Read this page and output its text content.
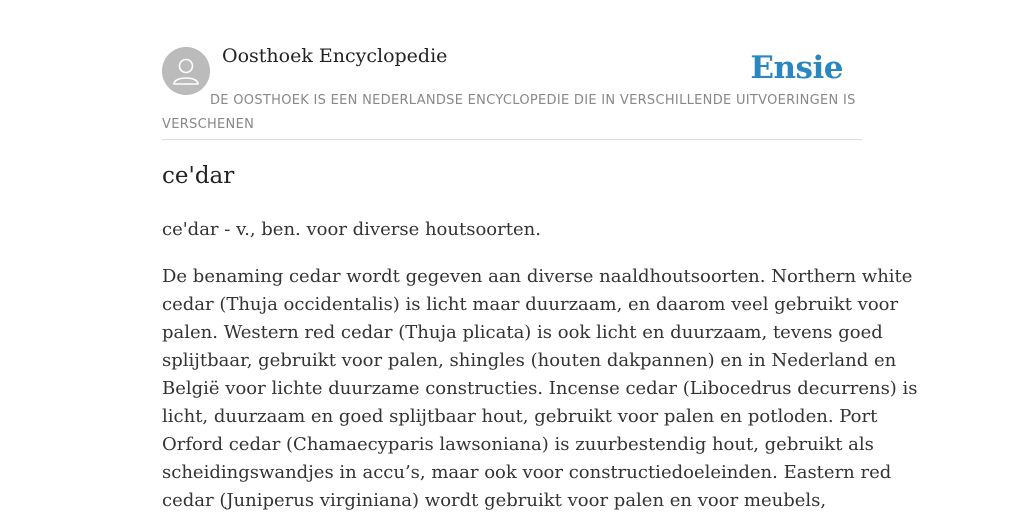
Oosthoek Encyclopedie	Ensie
DE OOSTHOEK IS EEN NEDERLANDSE ENCYCLOPEDIE DIE IN VERSCHILLENDE UITVOERINGEN IS VERSCHENEN
ce'dar

ce'dar - v., ben. voor diverse houtsoorten.

De benaming cedar wordt gegeven aan diverse naaldhoutsoorten. Northern white
cedar (Thuja occidentalis) is licht maar duurzaam, en daarom veel gebruikt voor
palen. Western red cedar (Thuja plicata) is ook licht en duurzaam, tevens goed
splijtbaar, gebruikt voor palen, shingles (houten dakpannen) en in Nederland en
België voor lichte duurzame constructies. Incense cedar (Libocedrus decurrens) is
licht, duurzaam en goed splijtbaar hout, gebruikt voor palen en potloden. Port
Orford cedar (Chamaecyparis lawsoniana) is zuurbestendig hout, gebruikt als
scheidingswandjes in accu’s, maar ook voor constructiedoeleinden. Eastern red
cedar (Juniperus virginiana) wordt gebruikt voor palen en voor meubels,
